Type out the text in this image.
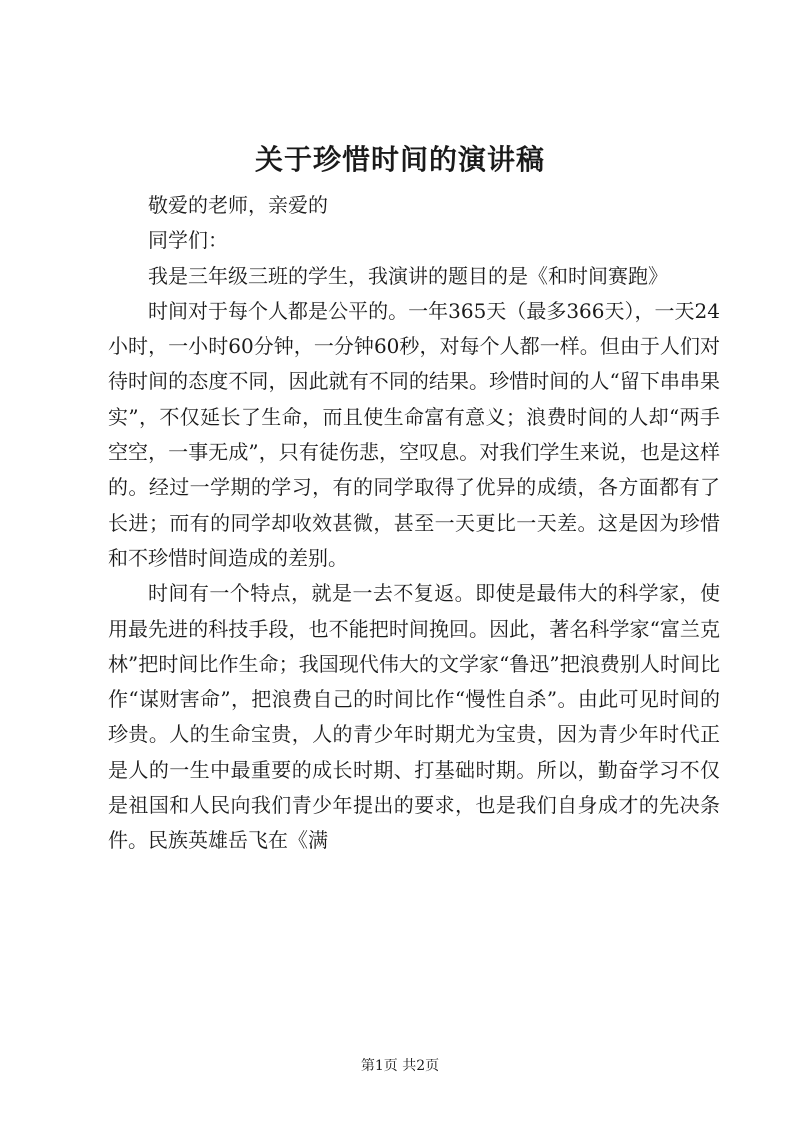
关于珍惜时间的演讲稿

敬爱的老师，亲爱的

同学们：

我是三年级三班的学生，我演讲的题目的是《和时间赛跑》

时间对于每个人都是公平的。一年365天（最多366天），一天24小时，一小时60分钟，一分钟60秒，对每个人都一样。但由于人们对待时间的态度不同，因此就有不同的结果。珍惜时间的人“留下串串果实”，不仅延长了生命，而且使生命富有意义；浪费时间的人却“两手空空，一事无成”，只有徒伤悲，空叹息。对我们学生来说，也是这样的。经过一学期的学习，有的同学取得了优异的成绩，各方面都有了长进；而有的同学却收效甚微，甚至一天更比一天差。这是因为珍惜和不珍惜时间造成的差别。

时间有一个特点，就是一去不复返。即使是最伟大的科学家，使用最先进的科技手段，也不能把时间挽回。因此，著名科学家“富兰克林”把时间比作生命；我国现代伟大的文学家“鲁迅”把浪费别人时间比作“谋财害命”，把浪费自己的时间比作“慢性自杀”。由此可见时间的珍贵。人的生命宝贵，人的青少年时期尤为宝贵，因为青少年时代正是人的一生中最重要的成长时期、打基础时期。所以，勤奋学习不仅是祖国和人民向我们青少年提出的要求，也是我们自身成才的先决条件。民族英雄岳飞在《满

第1页 共2页
